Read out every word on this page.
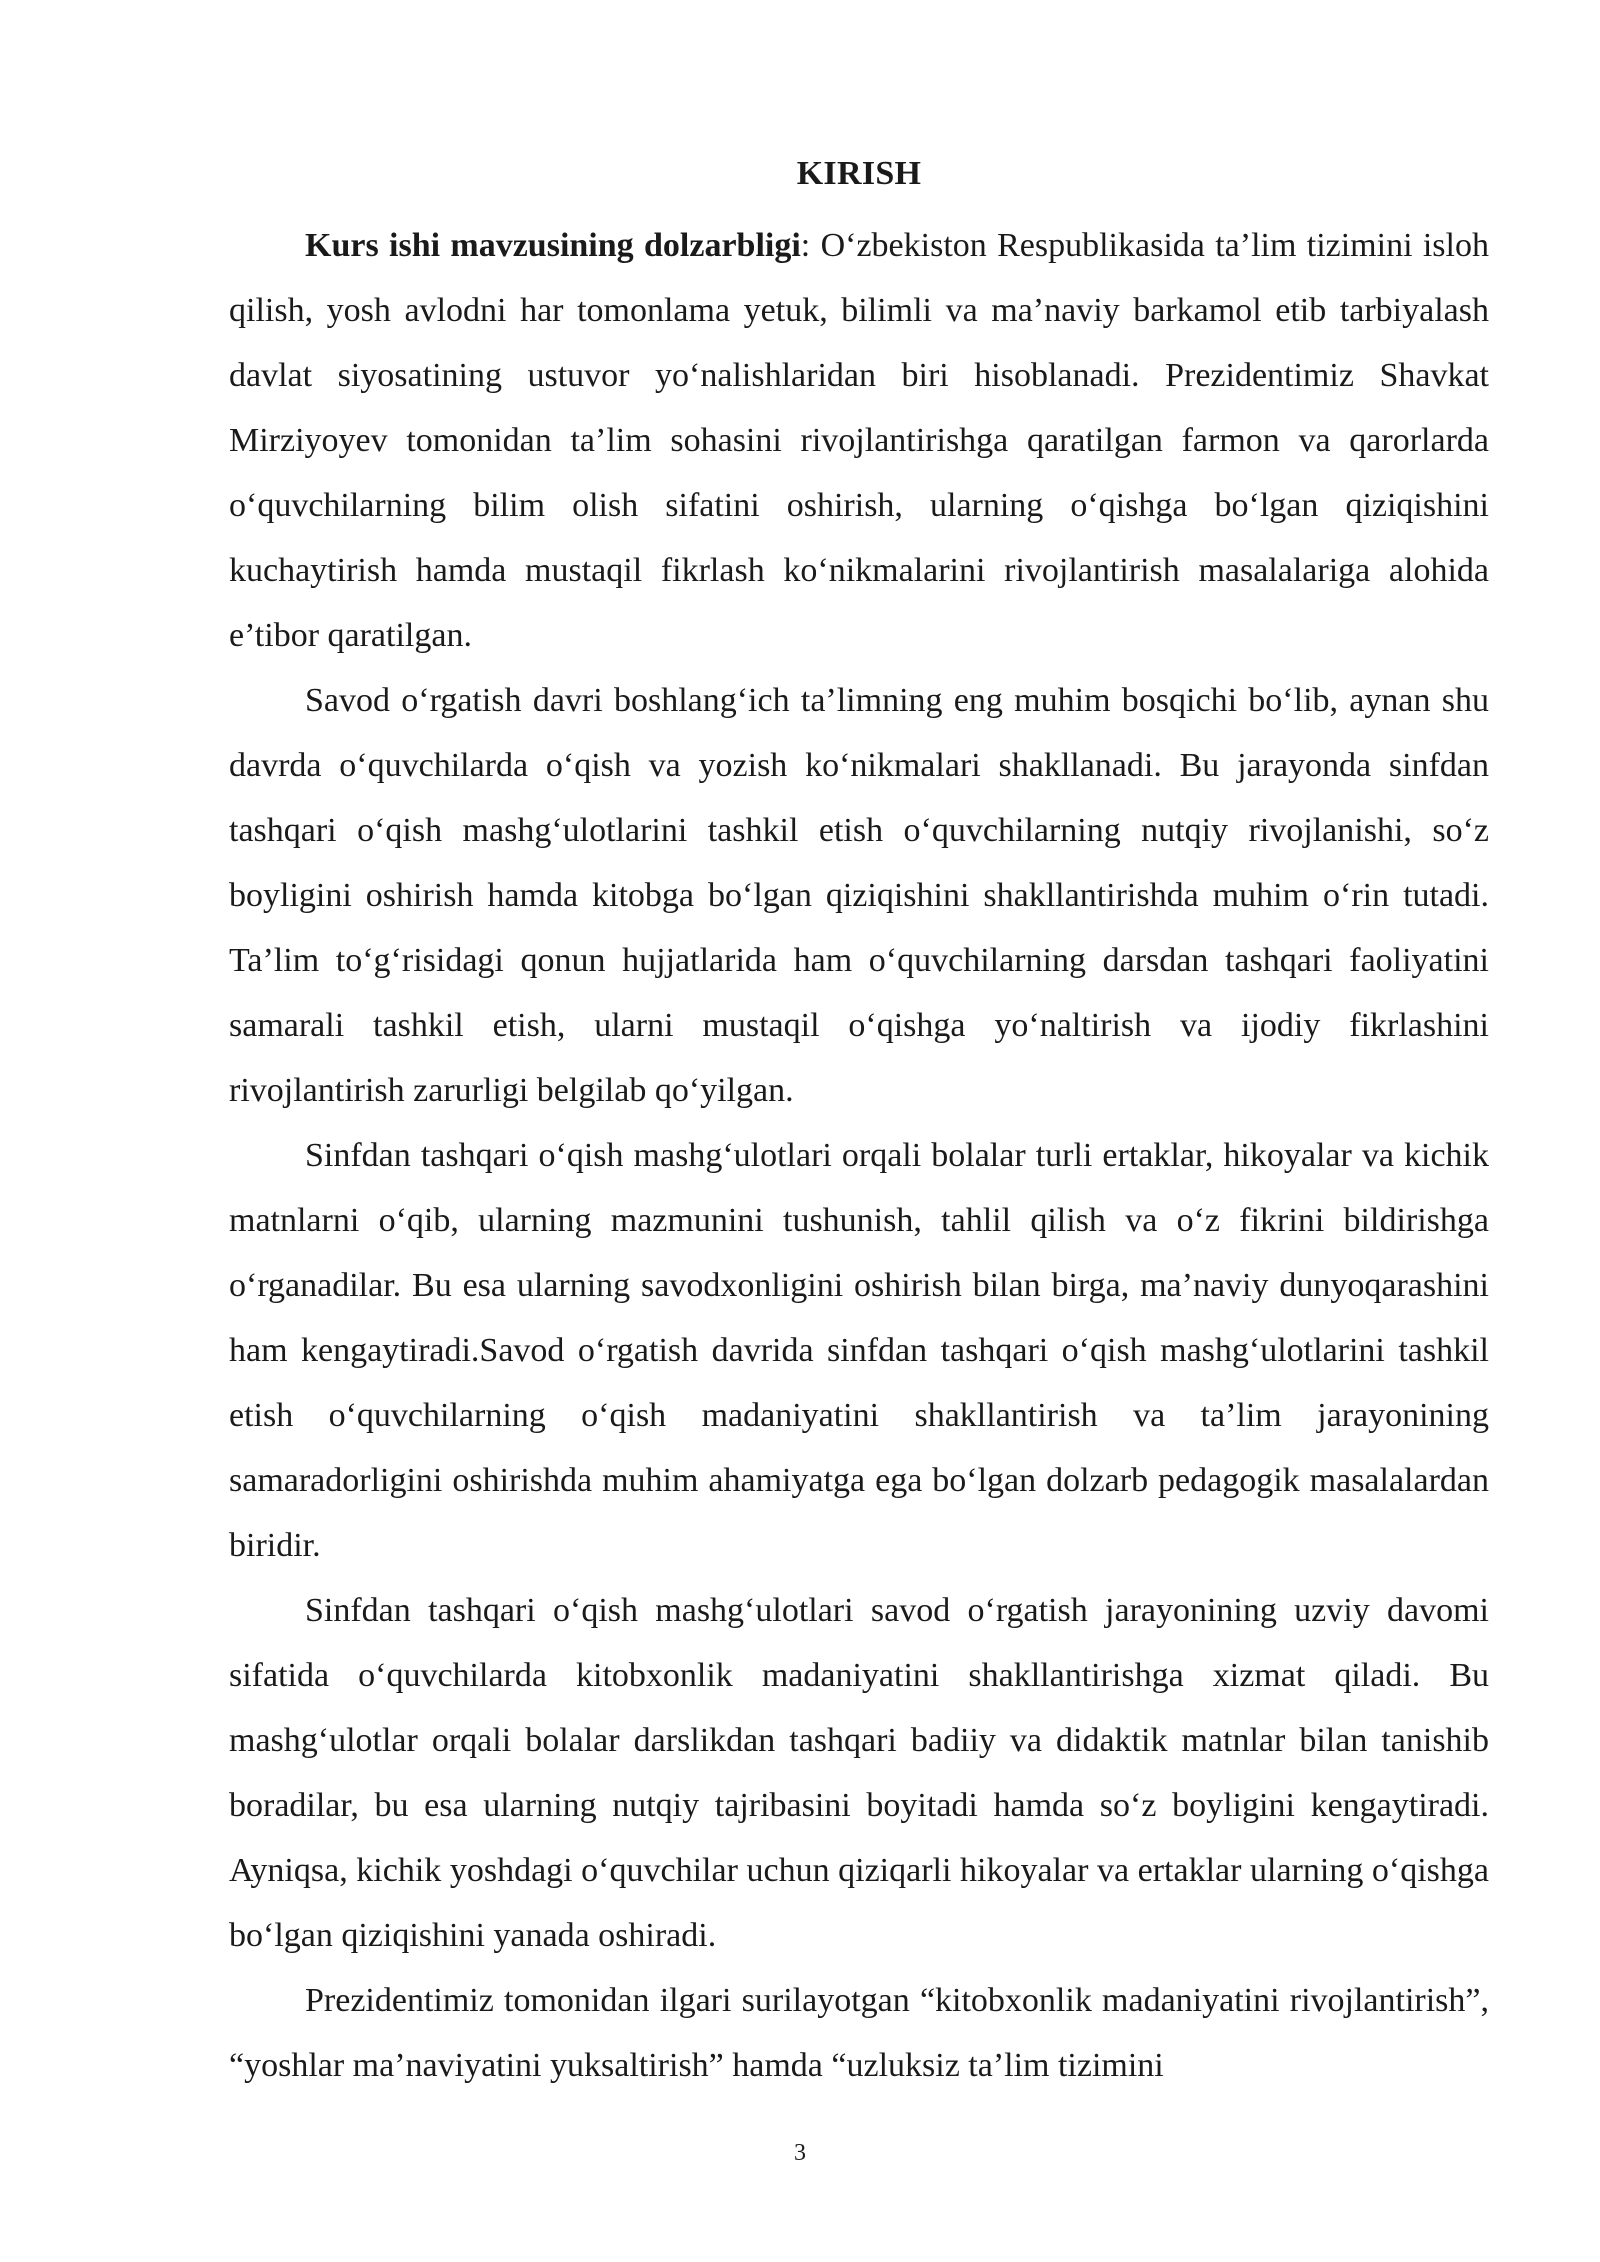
KIRISH

Kurs ishi mavzusining dolzarbligi: O‘zbekiston Respublikasida ta’lim tizimini isloh qilish, yosh avlodni har tomonlama yetuk, bilimli va ma’naviy barkamol etib tarbiyalash davlat siyosatining ustuvor yo‘nalishlaridan biri hisoblanadi. Prezidentimiz Shavkat Mirziyoyev tomonidan ta’lim sohasini rivojlantirishga qaratilgan farmon va qarorlarda o‘quvchilarning bilim olish sifatini oshirish, ularning o‘qishga bo‘lgan qiziqishini kuchaytirish hamda mustaqil fikrlash ko‘nikmalarini rivojlantirish masalalariga alohida e’tibor qaratilgan.

Savod o‘rgatish davri boshlang‘ich ta’limning eng muhim bosqichi bo‘lib, aynan shu davrda o‘quvchilarda o‘qish va yozish ko‘nikmalari shakllanadi. Bu jarayonda sinfdan tashqari o‘qish mashg‘ulotlarini tashkil etish o‘quvchilarning nutqiy rivojlanishi, so‘z boyligini oshirish hamda kitobga bo‘lgan qiziqishini shakllantirishda muhim o‘rin tutadi. Ta’lim to‘g‘risidagi qonun hujjatlarida ham o‘quvchilarning darsdan tashqari faoliyatini samarali tashkil etish, ularni mustaqil o‘qishga yo‘naltirish va ijodiy fikrlashini rivojlantirish zarurligi belgilab qo‘yilgan.

Sinfdan tashqari o‘qish mashg‘ulotlari orqali bolalar turli ertaklar, hikoyalar va kichik matnlarni o‘qib, ularning mazmunini tushunish, tahlil qilish va o‘z fikrini bildirishga o‘rganadilar. Bu esa ularning savodxonligini oshirish bilan birga, ma’naviy dunyoqarashini ham kengaytiradi.Savod o‘rgatish davrida sinfdan tashqari o‘qish mashg‘ulotlarini tashkil etish o‘quvchilarning o‘qish madaniyatini shakllantirish va ta’lim jarayonining samaradorligini oshirishda muhim ahamiyatga ega bo‘lgan dolzarb pedagogik masalalardan biridir.

Sinfdan tashqari o‘qish mashg‘ulotlari savod o‘rgatish jarayonining uzviy davomi sifatida o‘quvchilarda kitobxonlik madaniyatini shakllantirishga xizmat qiladi. Bu mashg‘ulotlar orqali bolalar darslikdan tashqari badiiy va didaktik matnlar bilan tanishib boradilar, bu esa ularning nutqiy tajribasini boyitadi hamda so‘z boyligini kengaytiradi. Ayniqsa, kichik yoshdagi o‘quvchilar uchun qiziqarli hikoyalar va ertaklar ularning o‘qishga bo‘lgan qiziqishini yanada oshiradi.

Prezidentimiz tomonidan ilgari surilayotgan “kitobxonlik madaniyatini rivojlantirish”, “yoshlar ma’naviyatini yuksaltirish” hamda “uzluksiz ta’lim tizimini

3
